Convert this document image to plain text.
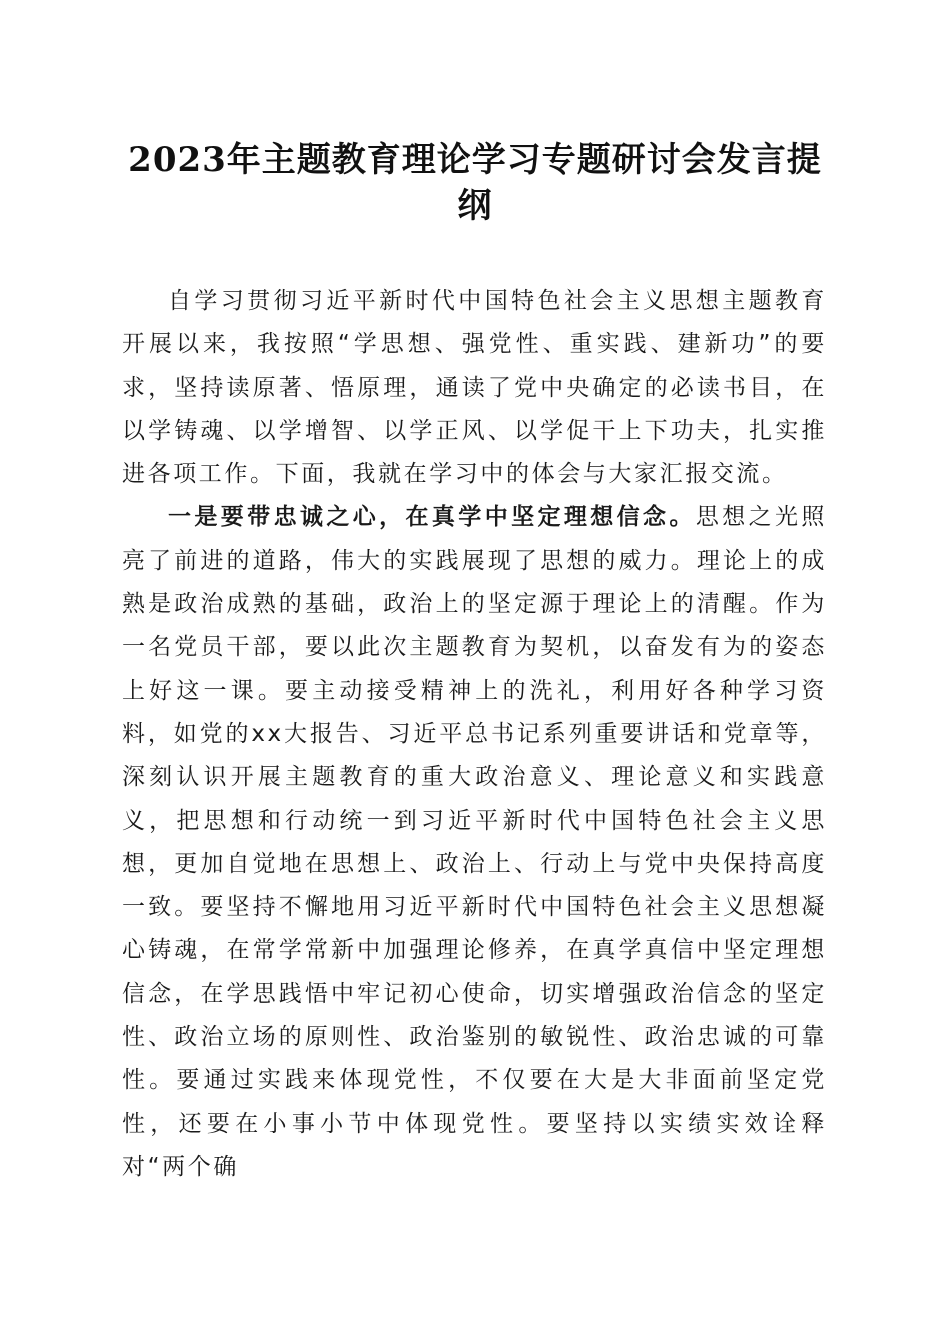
2023年主题教育理论学习专题研讨会发言提纲

自学习贯彻习近平新时代中国特色社会主义思想主题教育开展以来，我按照“学思想、强党性、重实践、建新功”的要求，坚持读原著、悟原理，通读了党中央确定的必读书目，在以学铸魂、以学增智、以学正风、以学促干上下功夫，扎实推进各项工作。下面，我就在学习中的体会与大家汇报交流。

一是要带忠诚之心，在真学中坚定理想信念。思想之光照亮了前进的道路，伟大的实践展现了思想的威力。理论上的成熟是政治成熟的基础，政治上的坚定源于理论上的清醒。作为一名党员干部，要以此次主题教育为契机，以奋发有为的姿态上好这一课。要主动接受精神上的洗礼，利用好各种学习资料，如党的xx大报告、习近平总书记系列重要讲话和党章等，深刻认识开展主题教育的重大政治意义、理论意义和实践意义，把思想和行动统一到习近平新时代中国特色社会主义思想，更加自觉地在思想上、政治上、行动上与党中央保持高度一致。要坚持不懈地用习近平新时代中国特色社会主义思想凝心铸魂，在常学常新中加强理论修养，在真学真信中坚定理想信念，在学思践悟中牢记初心使命，切实增强政治信念的坚定性、政治立场的原则性、政治鉴别的敏锐性、政治忠诚的可靠性。要通过实践来体现党性，不仅要在大是大非面前坚定党性，还要在小事小节中体现党性。要坚持以实绩实效诠释对“两个确
